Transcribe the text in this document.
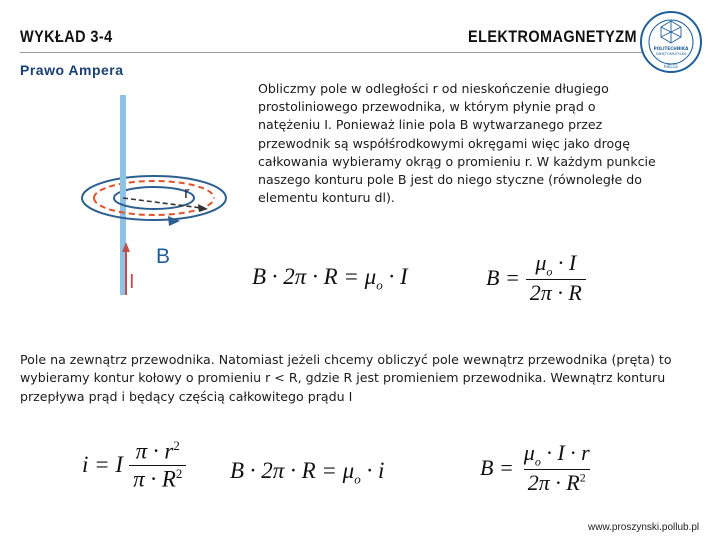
WYKŁAD 3-4	ELEKTROMAGNETYZM
Prawo Ampera
POLITECHNIKA
ŚWIĘTOKRZYSKA
KIELCE
r
B
I
Obliczmy pole w odległości r od nieskończenie długiego prostoliniowego przewodnika, w którym płynie prąd o natężeniu I. Ponieważ linie pola B wytwarzanego przez przewodnik są współśrodkowymi okręgami więc jako drogę całkowania wybieramy okrąg o promieniu r. W każdym punkcie naszego konturu pole B jest do niego styczne (równoległe do elementu konturu dl).
$B \cdot 2\pi \cdot R = \mu_o \cdot I$	$B = \frac{\mu_o \cdot I}{2\pi \cdot R}$
Pole na zewnątrz przewodnika. Natomiast jeżeli chcemy obliczyć pole wewnątrz przewodnika (pręta) to wybieramy kontur kołowy o promieniu r < R, gdzie R jest promieniem przewodnika. Wewnątrz konturu przepływa prąd i będący częścią całkowitego prądu I
i = I $\frac{\pi \cdot r^2}{\pi \cdot R^2}$ $B \cdot 2\pi \cdot R = \mu_o \cdot i$	$B = \frac{\mu_o \cdot I \cdot r}{2\pi \cdot R^2}$
www.proszynski.pollub.pl
